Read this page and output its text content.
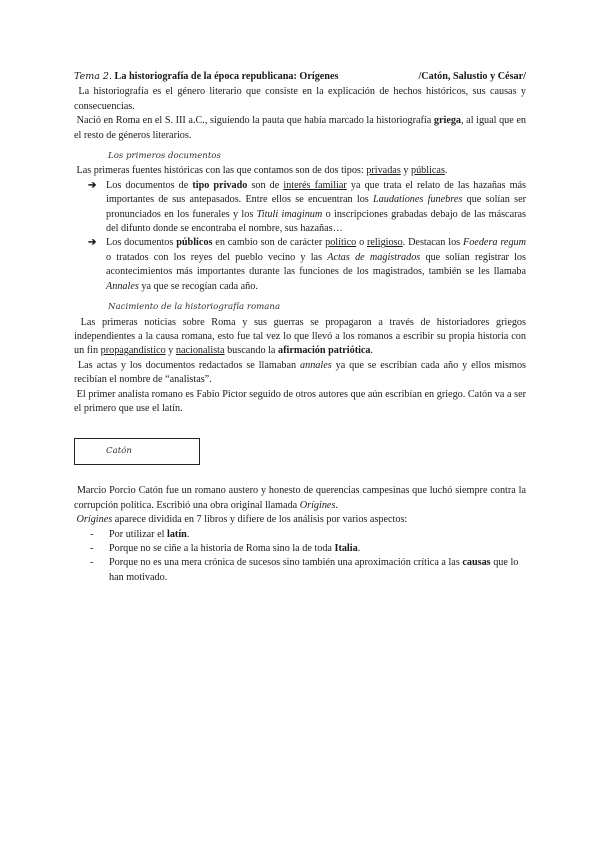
Tema 2. La historiografía de la época republicana: Orígenes	/Catón, Salustio y César/

La historiografía es el género literario que consiste en la explicación de hechos históricos, sus causas y consecuencias.

Nació en Roma en el S. III a.C., siguiendo la pauta que había marcado la historiografía griega, al igual que en el resto de géneros literarios.

Los primeros documentos

Las primeras fuentes históricas con las que contamos son de dos tipos: privadas y públicas.

➔ Los documentos de tipo privado son de interés familiar ya que trata el relato de las hazañas más importantes de sus antepasados. Entre ellos se encuentran los Laudationes funebres que solían ser pronunciados en los funerales y los Tituli imaginum o inscripciones grabadas debajo de las máscaras del difunto donde se encontraba el nombre, sus hazañas…
➔ Los documentos públicos en cambio son de carácter político o religioso. Destacan los Foedera regum o tratados con los reyes del pueblo vecino y las Actas de magistrados que solían registrar los acontecimientos más importantes durante las funciones de los magistrados, también se les llamaba Annales ya que se recogían cada año.
Nacimiento de la historiografía romana

Las primeras noticias sobre Roma y sus guerras se propagaron a través de historiadores griegos independientes a la causa romana, esto fue tal vez lo que llevó a los romanos a escribir su propia historia con un fin propagandístico y nacionalista buscando la afirmación patriótica.

Las actas y los documentos redactados se llamaban annales ya que se escribían cada año y ellos mismos recibían el nombre de “analistas”.

El primer analista romano es Fabio Pictor seguido de otros autores que aún escribían en griego. Catón va a ser el primero que use el latín.

Catón

Marcio Porcio Catón fue un romano austero y honesto de querencias campesinas que luchó siempre contra la corrupción política. Escribió una obra original llamada Orígines.

Orígines aparece dividida en 7 libros y difiere de los análisis por varios aspectos:

- Por utilizar el latín.
- Porque no se ciñe a la historia de Roma sino la de toda Italia.
- Porque no es una mera crónica de sucesos sino también una aproximación crítica a las causas que lo han motivado.
